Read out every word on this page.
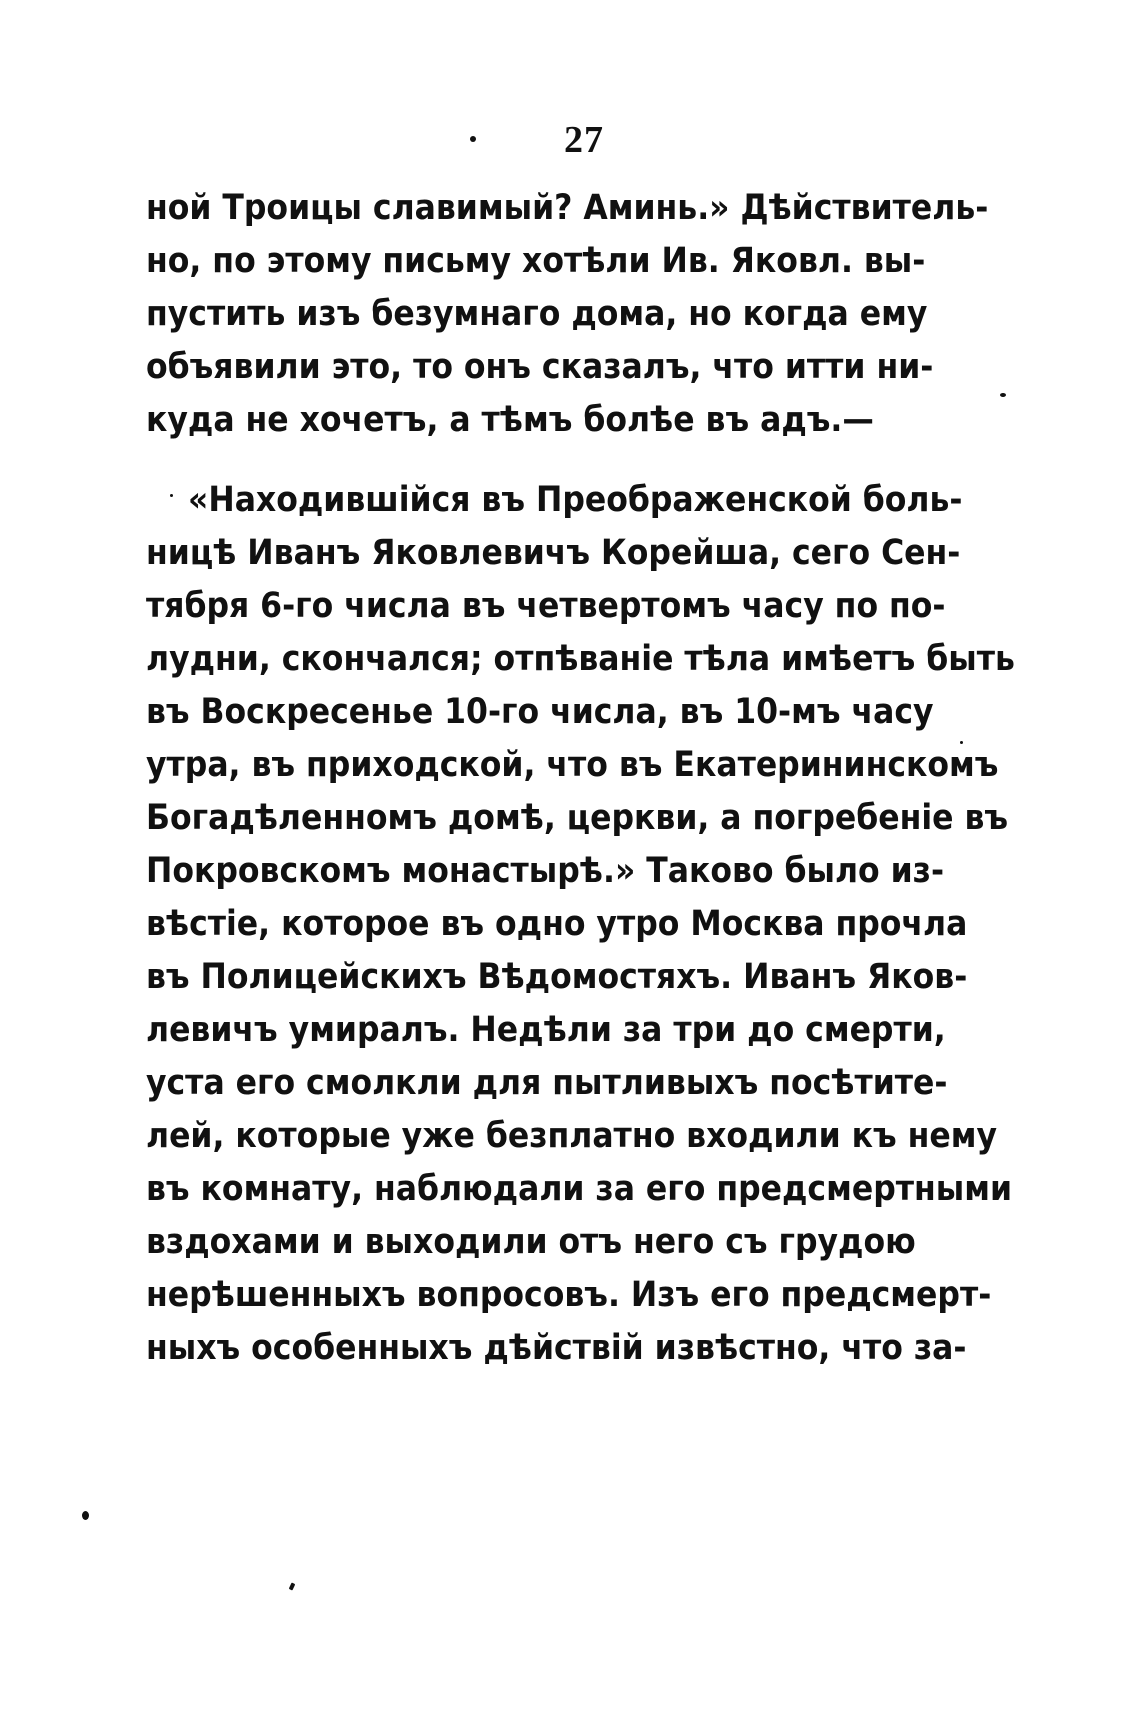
27
ной Троицы славимый? Аминь.» Дѣйствитель-
но, по этому письму хотѣли Ив. Яковл. вы-
пустить изъ безумнаго дома, но когда ему
объявили это, то онъ сказалъ, что итти ни-
куда не хочетъ, а тѣмъ болѣе въ адъ.—
«Находившійся въ Преображенской боль-
ницѣ Иванъ Яковлевичъ Корейша, сего Сен-
тября 6-го числа въ четвертомъ часу по по-
лудни, скончался; отпѣваніе тѣла имѣетъ быть
въ Воскресенье 10-го числа, въ 10-мъ часу
утра, въ приходской, что въ Екатерининскомъ
Богадѣленномъ домѣ, церкви, а погребеніе въ
Покровскомъ монастырѣ.» Таково было из-
вѣстіе, которое въ одно утро Москва прочла
въ Полицейскихъ Вѣдомостяхъ. Иванъ Яков-
левичъ умиралъ. Недѣли за три до смерти,
уста его смолкли для пытливыхъ посѣтите-
лей, которые уже безплатно входили къ нему
въ комнату, наблюдали за его предсмертными
вздохами и выходили отъ него съ грудою
нерѣшенныхъ вопросовъ. Изъ его предсмерт-
ныхъ особенныхъ дѣйствій извѣстно, что за-
